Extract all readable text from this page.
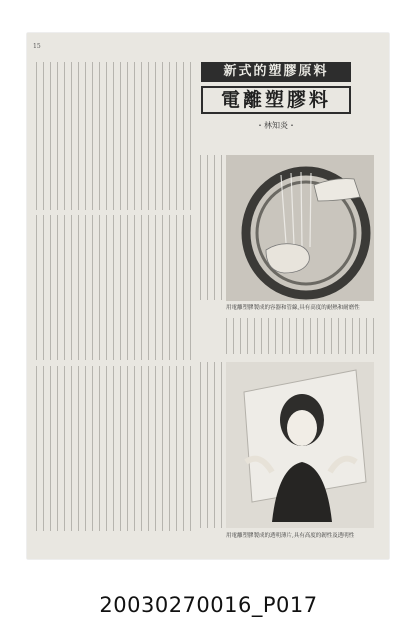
15
新式的塑膠原料
電離塑膠料
・林知炎・
用電離塑膠製成的容器和管線,具有高度的耐熱和耐磨性
用電離塑膠製成的透明薄片,具有高度的韌性及透明性
20030270016_P017
